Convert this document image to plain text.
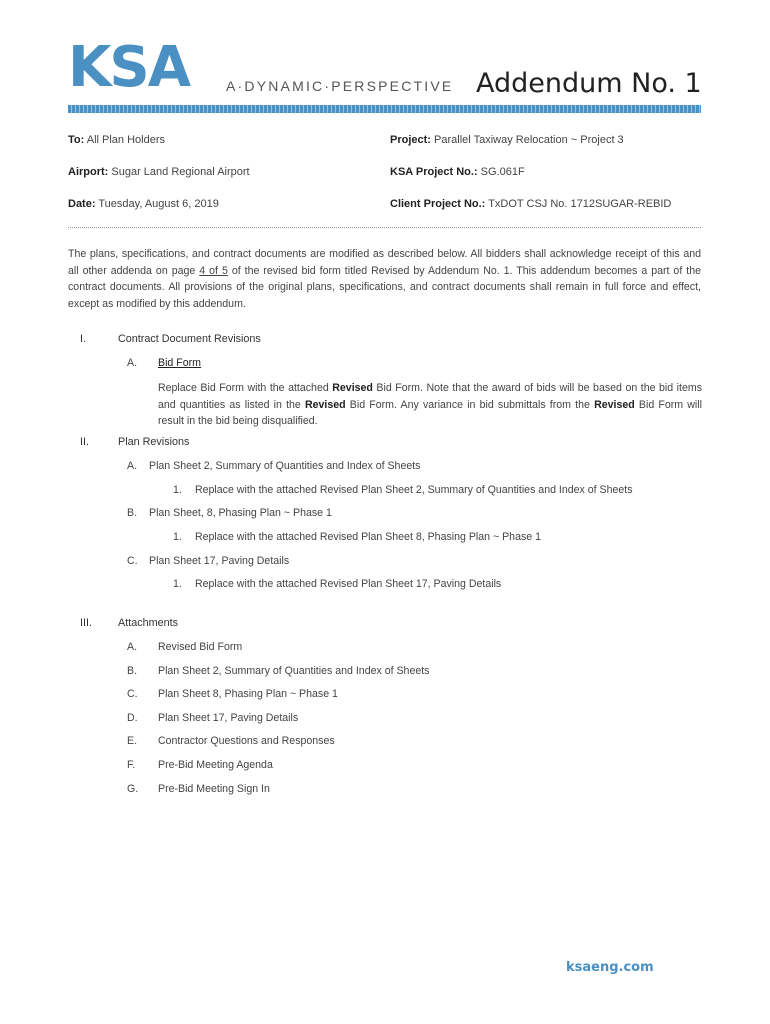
KSA	A·DYNAMIC·PERSPECTIVE Addendum No. 1
To: All Plan Holders
Airport: Sugar Land Regional Airport
Date: Tuesday, August 6, 2019
Project: Parallel Taxiway Relocation ~ Project 3
KSA Project No.: SG.061F
Client Project No.: TxDOT CSJ No. 1712SUGAR-REBID
The plans, specifications, and contract documents are modified as described below. All bidders shall acknowledge receipt of this and all other addenda on page 4 of 5 of the revised bid form titled Revised by Addendum No. 1. This addendum becomes a part of the contract documents. All provisions of the original plans, specifications, and contract documents shall remain in full force and effect, except as modified by this addendum.
I.	Contract Document Revisions
A. Bid Form
Replace Bid Form with the attached Revised Bid Form. Note that the award of bids will be based on the bid items and quantities as listed in the Revised Bid Form. Any variance in bid submittals from the Revised Bid Form will result in the bid being disqualified.
II.	Plan Revisions
A. Plan Sheet 2, Summary of Quantities and Index of Sheets
1. Replace with the attached Revised Plan Sheet 2, Summary of Quantities and Index of Sheets
B. Plan Sheet, 8, Phasing Plan ~ Phase 1
1. Replace with the attached Revised Plan Sheet 8, Phasing Plan ~ Phase 1
C. Plan Sheet 17, Paving Details
1. Replace with the attached Revised Plan Sheet 17, Paving Details
III. Attachments
A. Revised Bid Form
B. Plan Sheet 2, Summary of Quantities and Index of Sheets
C. Plan Sheet 8, Phasing Plan ~ Phase 1
D. Plan Sheet 17, Paving Details
E. Contractor Questions and Responses
F. Pre-Bid Meeting Agenda
G. Pre-Bid Meeting Sign In
ksaeng.com
